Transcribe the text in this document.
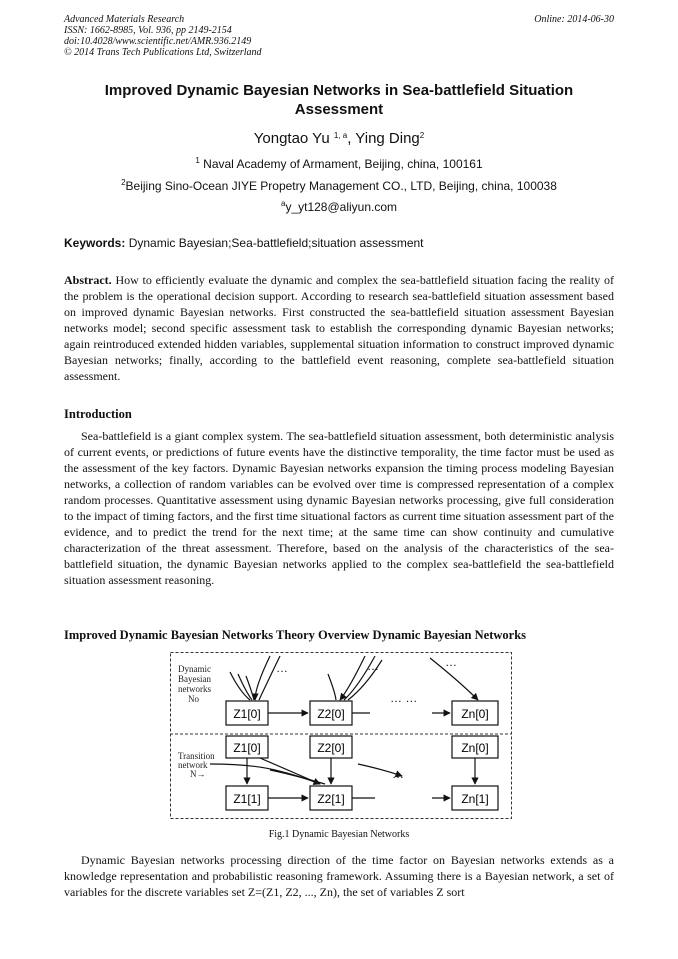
Advanced Materials Research
ISSN: 1662-8985, Vol. 936, pp 2149-2154
doi:10.4028/www.scientific.net/AMR.936.2149
© 2014 Trans Tech Publications Ltd, Switzerland
Online: 2014-06-30
Improved Dynamic Bayesian Networks in Sea-battlefield Situation
Assessment
Yongtao Yu $^{1, a}$, Ying Ding$^2$
$^1$ Naval Academy of Armament, Beijing, china, 100161
$^2$Beijing Sino-Ocean JIYE Propetry Management CO., LTD, Beijing, china, 100038
$^a$y_yt128@aliyun.com
Keywords: Dynamic Bayesian;Sea-battlefield;situation assessment

Abstract. How to efficiently evaluate the dynamic and complex the sea-battlefield situation facing the reality of the problem is the operational decision support. According to research sea-battlefield situation assessment based on improved dynamic Bayesian networks. First constructed the sea-battlefield situation assessment Bayesian networks model; second specific assessment task to establish the corresponding dynamic Bayesian networks; again reintroduced extended hidden variables, supplemental situation information to construct improved dynamic Bayesian networks; finally, according to the battlefield event reasoning, complete sea-battlefield situation assessment.

Introduction

Sea-battlefield is a giant complex system. The sea-battlefield situation assessment, both deterministic analysis of current events, or predictions of future events have the distinctive temporality, the time factor must be used as the assessment of the key factors. Dynamic Bayesian networks expansion the timing process modeling Bayesian networks, a collection of random variables can be evolved over time is compressed representation of a complex random processes. Quantitative assessment using dynamic Bayesian networks processing, give full consideration to the impact of timing factors, and the first time situational factors as current time situation assessment part of the evidence, and to predict the trend for the next time; at the same time can show continuity and cumulative characterization of the threat assessment. Therefore, based on the analysis of the characteristics of the sea-battlefield situation, the dynamic Bayesian networks applied to the complex sea-battlefield the sea-battlefield situation assessment reasoning.

Improved Dynamic Bayesian Networks Theory Overview Dynamic Bayesian Networks
Dynamic
Bayesian
networks
No
Transition
network
N→
…	…	…
… …
Z1[0]	Z2[0]	Zn[0]
Z1[0]	Z2[0]	Zn[0]
Z1[1]	Z2[1]	Zn[1]
…
Fig.1 Dynamic Bayesian Networks

Dynamic Bayesian networks processing direction of the time factor on Bayesian networks extends as a knowledge representation and probabilistic reasoning framework. Assuming there is a Bayesian network, a set of variables for the discrete variables set Z=(Z1, Z2, ..., Zn), the set of variables Z sort
